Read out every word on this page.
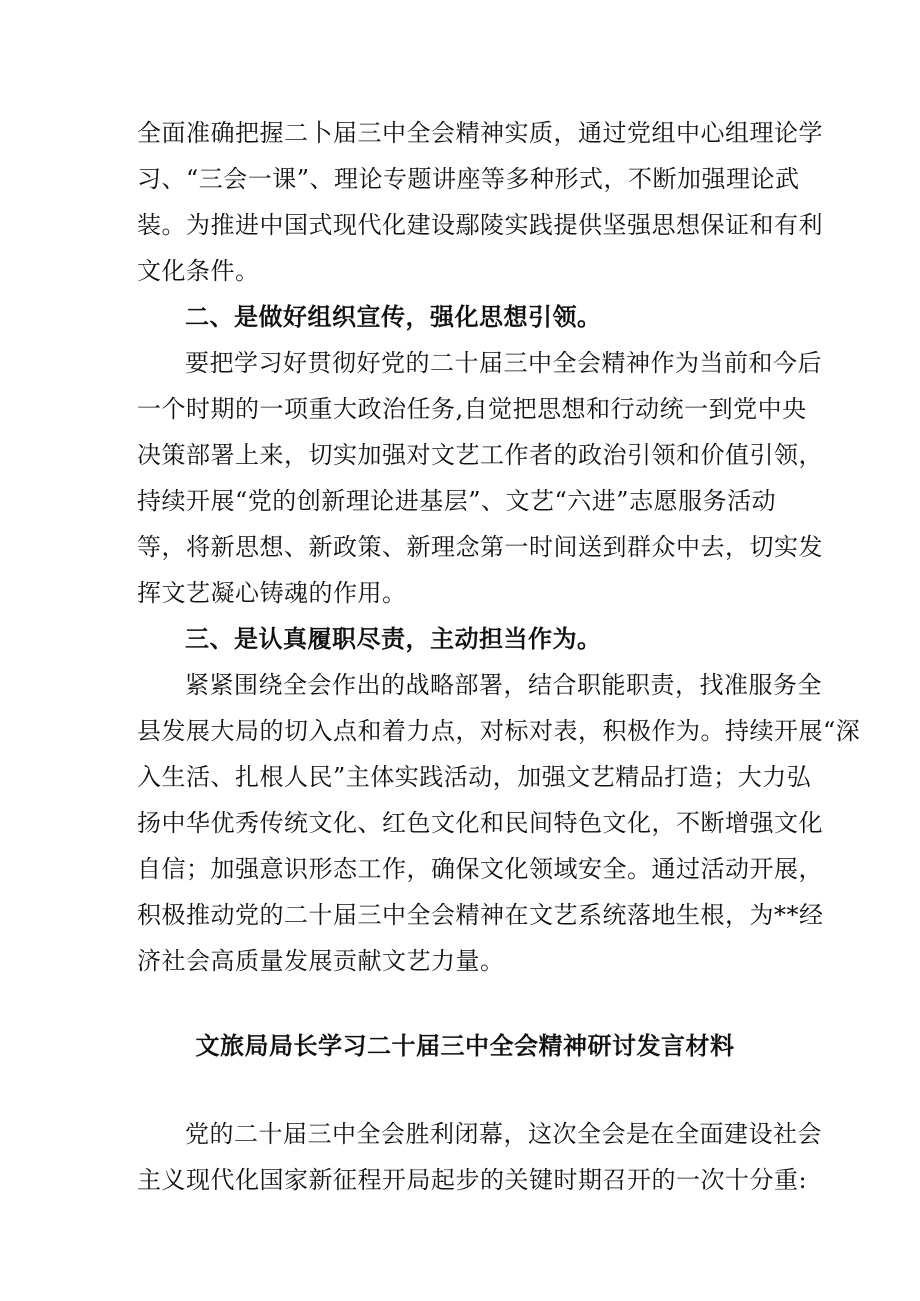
全面准确把握二卜届三中全会精神实质，通过党组中心组理论学
习、“三会一课”、理论专题讲座等多种形式，不断加强理论武
装。为推进中国式现代化建设鄢陵实践提供坚强思想保证和有利
文化条件。
二、是做好组织宣传，强化思想引领。
要把学习好贯彻好党的二十届三中全会精神作为当前和今后
一个时期的一项重大政治任务,自觉把思想和行动统一到党中央
决策部署上来，切实加强对文艺工作者的政治引领和价值引领，
持续开展“党的创新理论进基层”、文艺“六进”志愿服务活动
等，将新思想、新政策、新理念第一时间送到群众中去，切实发
挥文艺凝心铸魂的作用。
三、是认真履职尽责，主动担当作为。
紧紧围绕全会作出的战略部署，结合职能职责，找准服务全
县发展大局的切入点和着力点，对标对表，积极作为。持续开展“深
入生活、扎根人民”主体实践活动，加强文艺精品打造；大力弘
扬中华优秀传统文化、红色文化和民间特色文化，不断增强文化
自信；加强意识形态工作，确保文化领域安全。通过活动开展，
积极推动党的二十届三中全会精神在文艺系统落地生根，为**经
济社会高质量发展贡献文艺力量。
文旅局局长学习二十届三中全会精神研讨发言材料
党的二十届三中全会胜利闭幕，这次全会是在全面建设社会
主义现代化国家新征程开局起步的关键时期召开的一次十分重:
